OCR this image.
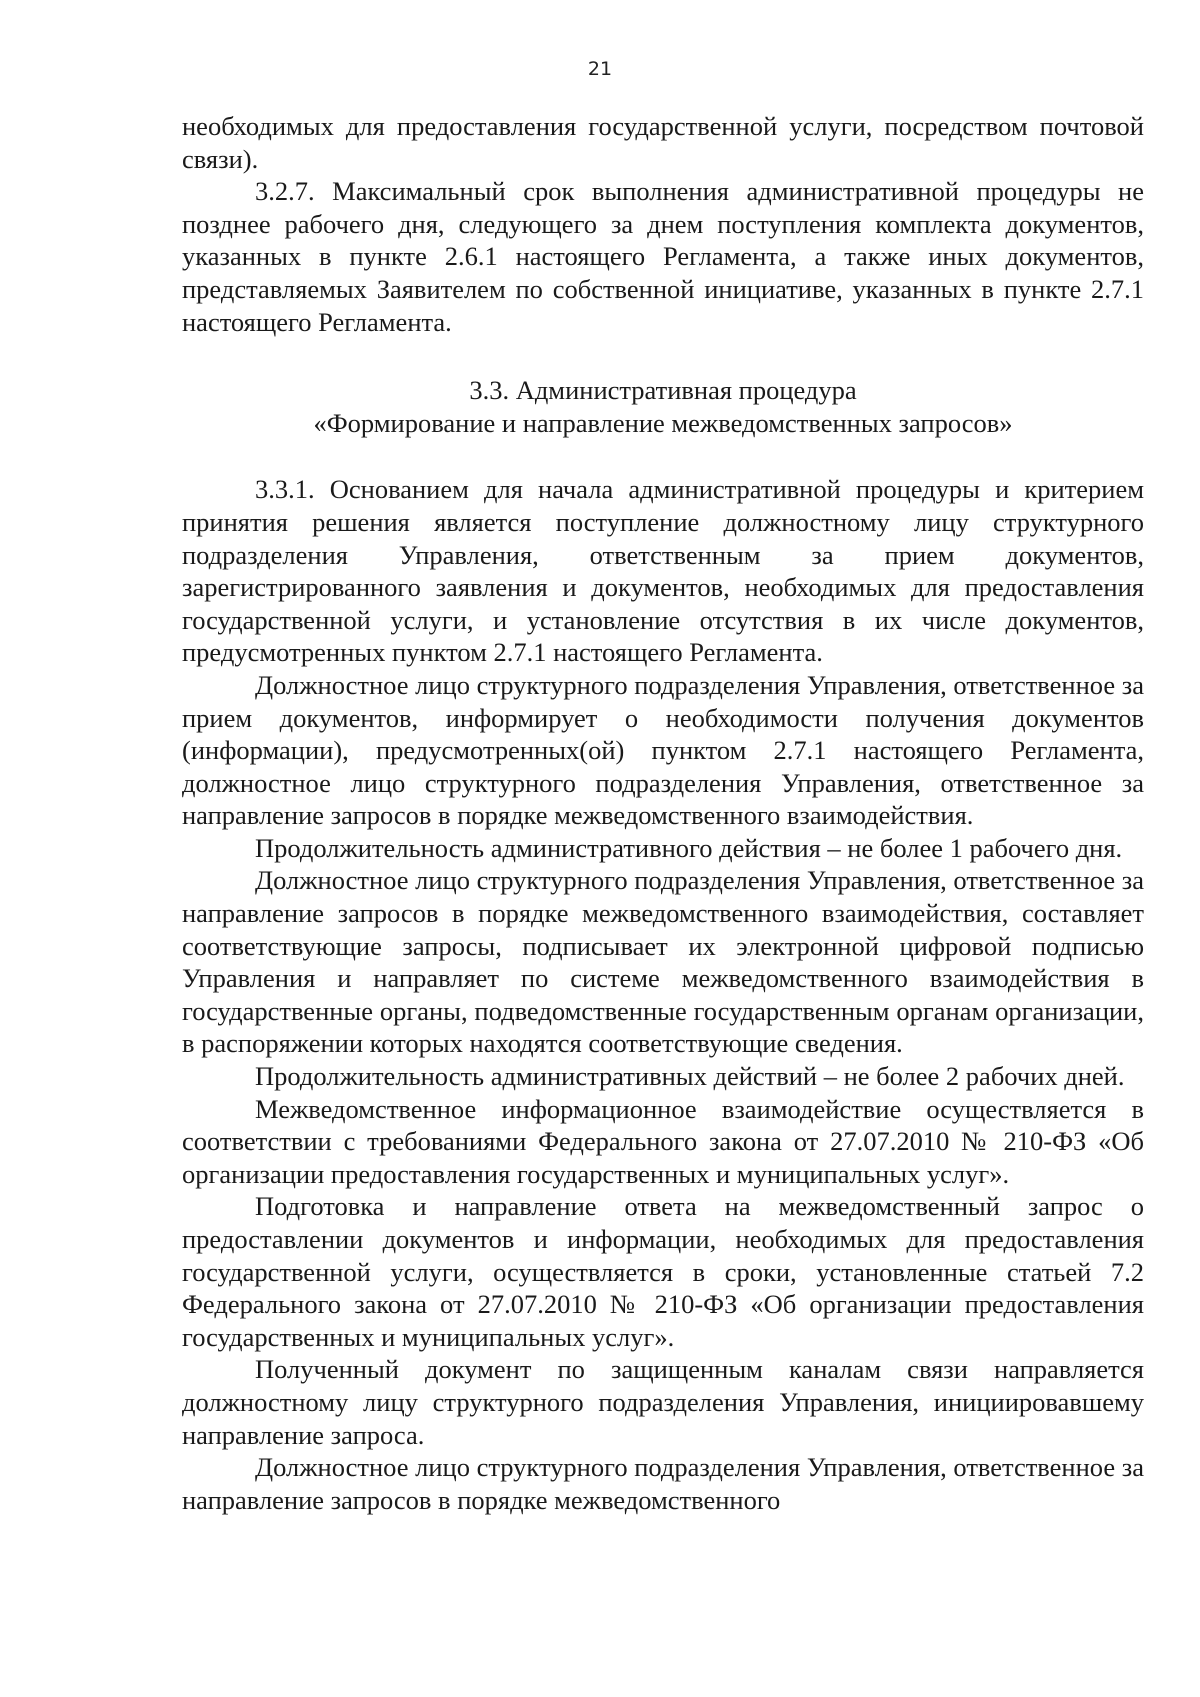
21

необходимых для предоставления государственной услуги, посредством почтовой связи).

3.2.7. Максимальный срок выполнения административной процедуры не позднее рабочего дня, следующего за днем поступления комплекта документов, указанных в пункте 2.6.1 настоящего Регламента, а также иных документов, представляемых Заявителем по собственной инициативе, указанных в пункте 2.7.1 настоящего Регламента.

3.3. Административная процедура
«Формирование и направление межведомственных запросов»

3.3.1. Основанием для начала административной процедуры и критерием принятия решения является поступление должностному лицу структурного подразделения Управления, ответственным за прием документов, зарегистрированного заявления и документов, необходимых для предоставления государственной услуги, и установление отсутствия в их числе документов, предусмотренных пунктом 2.7.1 настоящего Регламента.

Должностное лицо структурного подразделения Управления, ответственное за прием документов, информирует о необходимости получения документов (информации), предусмотренных(ой) пунктом 2.7.1 настоящего Регламента, должностное лицо структурного подразделения Управления, ответственное за направление запросов в порядке межведомственного взаимодействия.

Продолжительность административного действия – не более 1 рабочего дня.

Должностное лицо структурного подразделения Управления, ответственное за направление запросов в порядке межведомственного взаимодействия, составляет соответствующие запросы, подписывает их электронной цифровой подписью Управления и направляет по системе межведомственного взаимодействия в государственные органы, подведомственные государственным органам организации, в распоряжении которых находятся соответствующие сведения.

Продолжительность административных действий – не более 2 рабочих дней.

Межведомственное информационное взаимодействие осуществляется в соответствии с требованиями Федерального закона от 27.07.2010 № 210-ФЗ «Об организации предоставления государственных и муниципальных услуг».

Подготовка и направление ответа на межведомственный запрос о предоставлении документов и информации, необходимых для предоставления государственной услуги, осуществляется в сроки, установленные статьей 7.2 Федерального закона от 27.07.2010 № 210-ФЗ «Об организации предоставления государственных и муниципальных услуг».

Полученный документ по защищенным каналам связи направляется должностному лицу структурного подразделения Управления, инициировавшему направление запроса.

Должностное лицо структурного подразделения Управления, ответственное за направление запросов в порядке межведомственного
